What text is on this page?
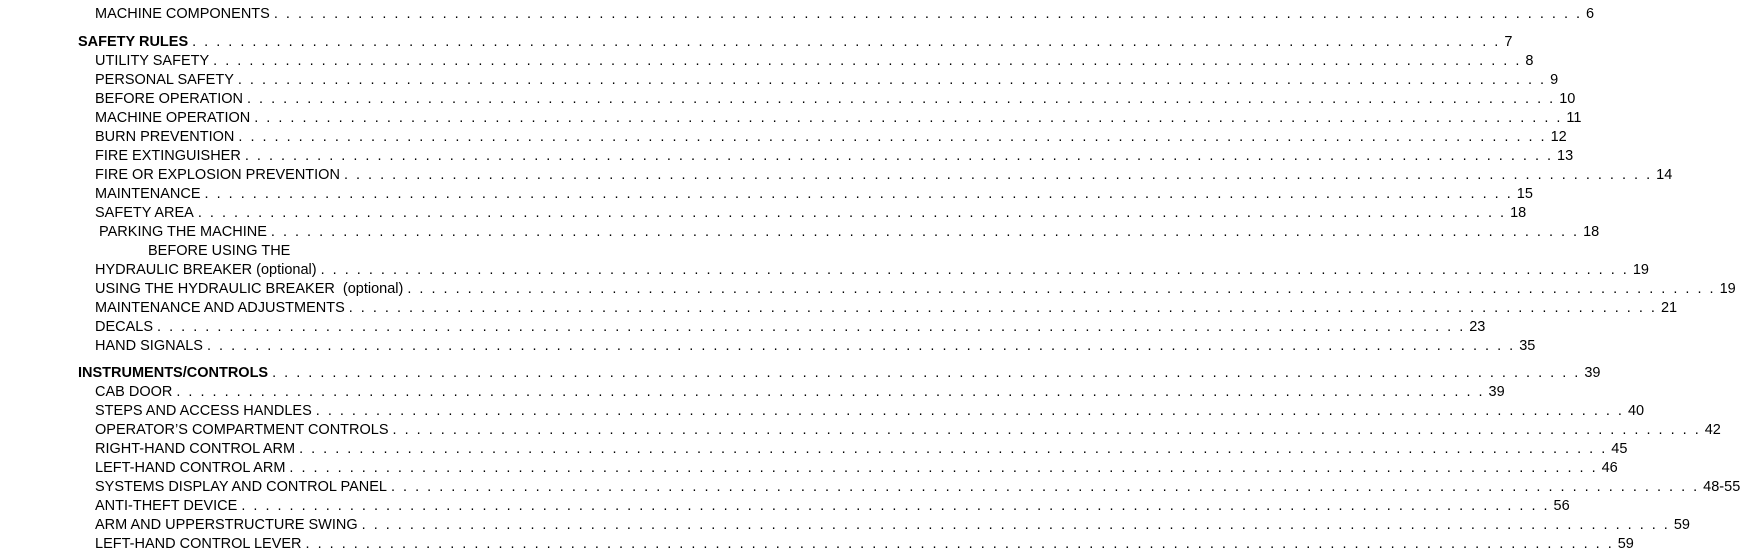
MACHINE COMPONENTS . . .	6
SAFETY RULES . . .	7
UTILITY SAFETY . . .	8
PERSONAL SAFETY . . .	9
BEFORE OPERATION . . .	10
MACHINE OPERATION . . .	11
BURN PREVENTION . . .	12
FIRE EXTINGUISHER . . .	13
FIRE OR EXPLOSION PREVENTION . . .	14
MAINTENANCE . . .	15
SAFETY AREA . . .	18
PARKING THE MACHINE . . .	18
BEFORE USING THE
HYDRAULIC BREAKER (optional) . . .	19
USING THE HYDRAULIC BREAKER  (optional) . . .	19
MAINTENANCE AND ADJUSTMENTS . . .	21
DECALS . . .	23
HAND SIGNALS . . .	35
INSTRUMENTS/CONTROLS . . .	39
CAB DOOR . . .	39
STEPS AND ACCESS HANDLES . . .	40
OPERATOR’S COMPARTMENT CONTROLS . . .	42
RIGHT-HAND CONTROL ARM . . .	45
LEFT-HAND CONTROL ARM . . .	46
SYSTEMS DISPLAY AND CONTROL PANEL . . .	48-55
ANTI-THEFT DEVICE . . .	56
ARM AND UPPERSTRUCTURE SWING . . .	59
LEFT-HAND CONTROL LEVER . . .	59
